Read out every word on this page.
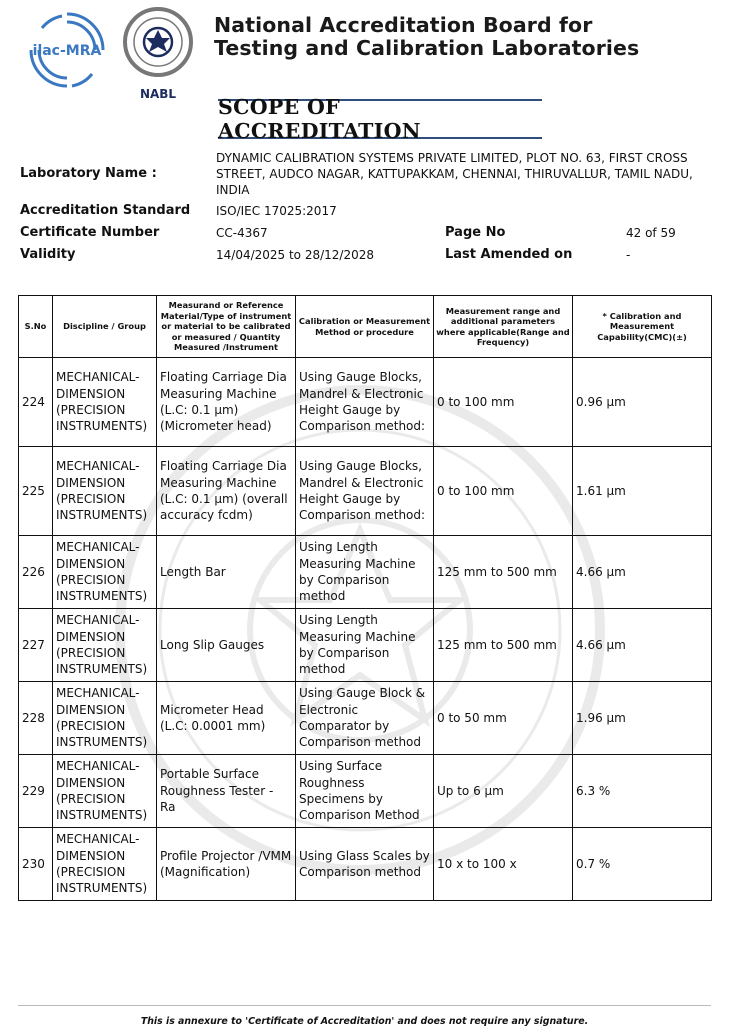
ilac-MRA
NABL
National Accreditation Board for
Testing and Calibration Laboratories
SCOPE OF ACCREDITATION
Laboratory Name :
DYNAMIC CALIBRATION SYSTEMS PRIVATE LIMITED, PLOT NO. 63, FIRST CROSS
STREET, AUDCO NAGAR, KATTUPAKKAM, CHENNAI, THIRUVALLUR, TAMIL NADU,
INDIA
Accreditation Standard ISO/IEC 17025:2017
Certificate Number	CC-4367	Page No	42 of 59
Validity	14/04/2025 to 28/12/2028	Last Amended on	-
S.No	Discipline / Group	Measurand or Reference Material/Type of instrument or material to be calibrated or measured / Quantity Measured /Instrument	Calibration or Measurement Method or procedure	Measurement range and additional parameters where applicable(Range and Frequency)	* Calibration and Measurement Capability(CMC)(±)
224	MECHANICAL- DIMENSION (PRECISION INSTRUMENTS)	Floating Carriage Dia Measuring Machine (L.C: 0.1 µm) (Micrometer head)	Using Gauge Blocks, Mandrel & Electronic Height Gauge by Comparison method:	0 to 100 mm	0.96 µm
225	MECHANICAL- DIMENSION (PRECISION INSTRUMENTS)	Floating Carriage Dia Measuring Machine (L.C: 0.1 µm) (overall accuracy fcdm)	Using Gauge Blocks, Mandrel & Electronic Height Gauge by Comparison method:	0 to 100 mm	1.61 µm
226	MECHANICAL- DIMENSION (PRECISION INSTRUMENTS)	Length Bar	Using Length Measuring Machine by Comparison method	125 mm to 500 mm	4.66 µm
227	MECHANICAL- DIMENSION (PRECISION INSTRUMENTS)	Long Slip Gauges	Using Length Measuring Machine by Comparison method	125 mm to 500 mm	4.66 µm
228	MECHANICAL- DIMENSION (PRECISION INSTRUMENTS)	Micrometer Head (L.C: 0.0001 mm)	Using Gauge Block & Electronic Comparator by Comparison method	0 to 50 mm	1.96 µm
229	MECHANICAL- DIMENSION (PRECISION INSTRUMENTS)	Portable Surface Roughness Tester - Ra	Using Surface Roughness Specimens by Comparison Method	Up to 6 µm	6.3 %
230	MECHANICAL- DIMENSION (PRECISION INSTRUMENTS)	Profile Projector /VMM (Magnification)	Using Glass Scales by Comparison method	10 x to 100 x	0.7 %
This is annexure to 'Certificate of Accreditation' and does not require any signature.
